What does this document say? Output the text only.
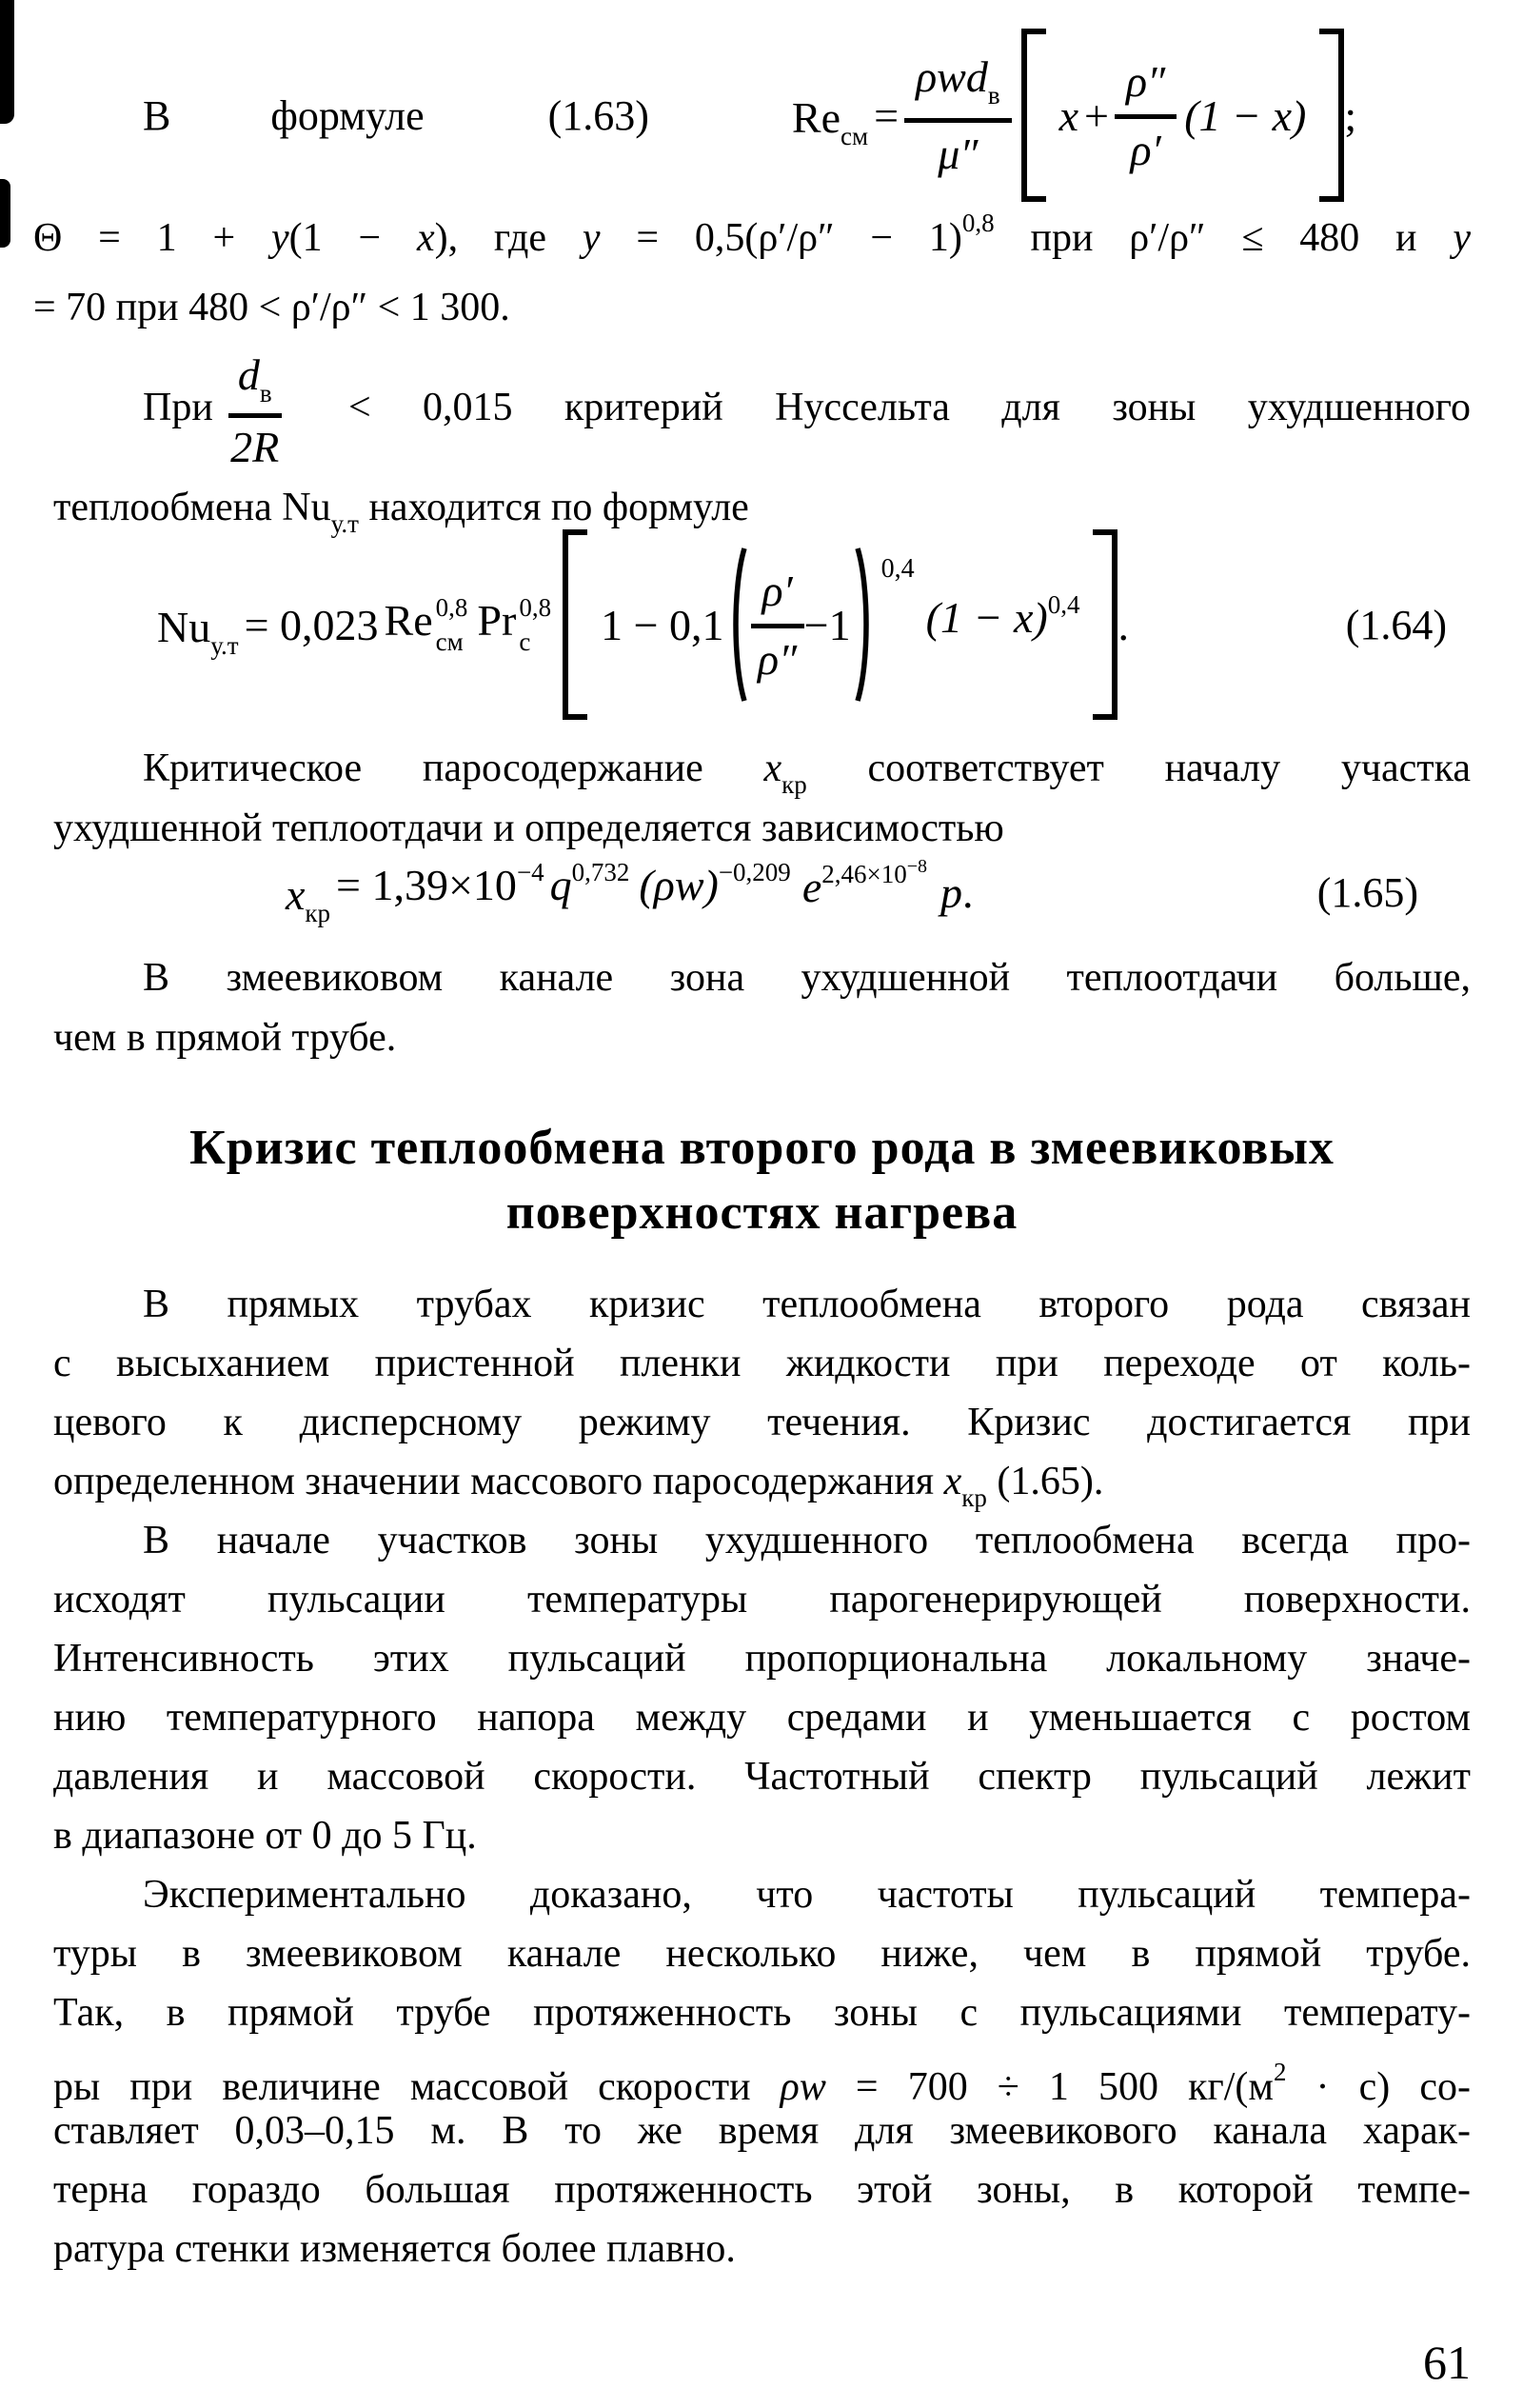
В формуле	(1.63)	$Re_{см} = \frac{\rho wd_в}{\mu''}$ $x + \frac{\rho''}{\rho'} (1 - x)$ ;
Θ = 1 + y(1 − x), где $y = 0,5(\rho'/\rho'' - 1)^{0,8}$ при ρ′/ρ″ ≤ 480 и y
= 70 при 480 < ρ′/ρ″ < 1 300.
При
$d_в$
2R
< 0,015 критерий Нуссельта для зоны ухудшенного
теплообмена $Nu_{у.т}$ находится по формуле
$Nu_{у.т} = 0,023$ Re 0,8
см Pr 0,8
с	$1 - 0,1 \frac{\rho'}{\rho''} -1$
0,4
$(1 - x)^{0,4}$ .	(1.64)
Критическое паросодержание $x_{кр}$ соответствует началу участка
ухудшенной теплоотдачи и определяется зависимостью
$x_{кр}$
= $1,39\times 10^{-4}$ $q^{0,732}$ $(\rho w)^{-0,209}$ $e^{2,46\times 10^{-8}}$
p .	(1.65)
В змеевиковом канале зона ухудшенной теплоотдачи больше,
чем в прямой трубе.
Кризис теплообмена второго рода в змеевиковых
поверхностях нагрева
В прямых трубах кризис теплообмена второго рода связан
с высыханием пристенной пленки жидкости при переходе от коль-
цевого к дисперсному режиму течения. Кризис достигается при
определенном значении массового паросодержания $x_{кр}$ (1.65).
В начале участков зоны ухудшенного теплообмена всегда про-
исходят пульсации температуры парогенерирующей поверхности.
Интенсивность этих пульсаций пропорциональна локальному значе-
нию температурного напора между средами и уменьшается с ростом
давления и массовой скорости. Частотный спектр пульсаций лежит
в диапазоне от 0 до 5 Гц.
Экспериментально доказано, что частоты пульсаций темпера-
туры в змеевиковом канале несколько ниже, чем в прямой трубе.
Так, в прямой трубе протяженность зоны с пульсациями температу-
ры при величине массовой скорости ρw = 700 ÷ 1 500 $кг/(м^2 \cdot с)$ со-
ставляет 0,03–0,15 м. В то же время для змеевикового канала харак-
терна гораздо большая протяженность этой зоны, в которой темпе-
ратура стенки изменяется более плавно.
61
